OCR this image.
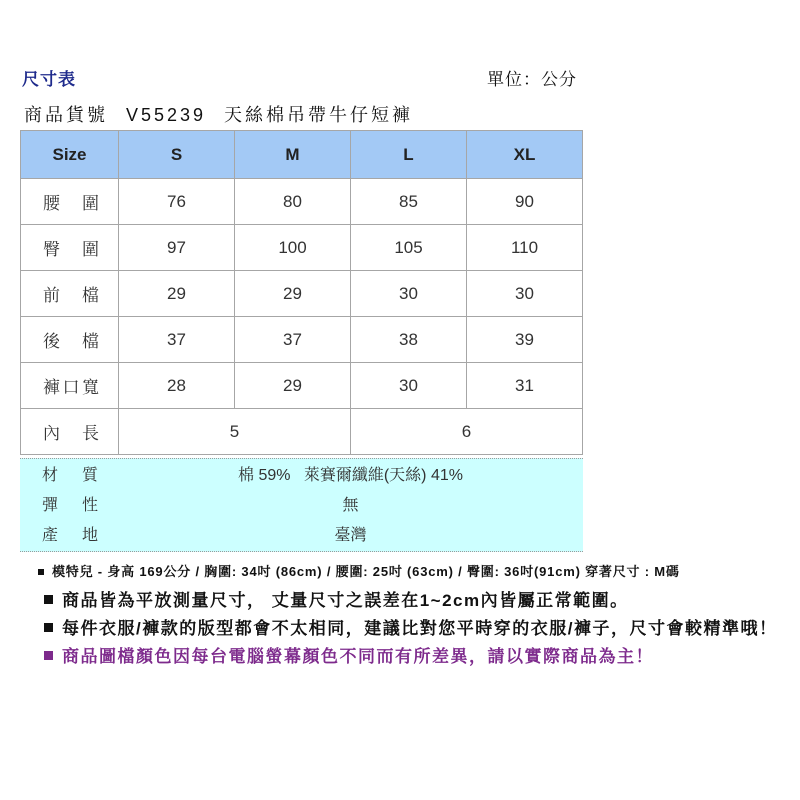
尺寸表	單位：公分
商品貨號 V55239 天絲棉吊帶牛仔短褲
Size	S	M	L	XL
腰 圍	76	80	85	90
臀 圍	97	100	105	110
前 檔	29	29	30	30
後 檔	37	37	38	39
褲口寬	28	29	30	31
內 長	5		6	
材 質	棉 59%   萊賽爾纖維(天絲) 41%
彈 性	無
產 地	臺灣
模特兒 - 身高 169公分 / 胸圍: 34吋 (86cm) / 腰圍: 25吋 (63cm) / 臀圍: 36吋(91cm) 穿著尺寸 : M碼
商品皆為平放測量尺寸， 丈量尺寸之誤差在1~2cm內皆屬正常範圍。
每件衣服/褲款的版型都會不太相同，建議比對您平時穿的衣服/褲子，尺寸會較精準哦！
商品圖檔顏色因每台電腦螢幕顏色不同而有所差異，請以實際商品為主！
